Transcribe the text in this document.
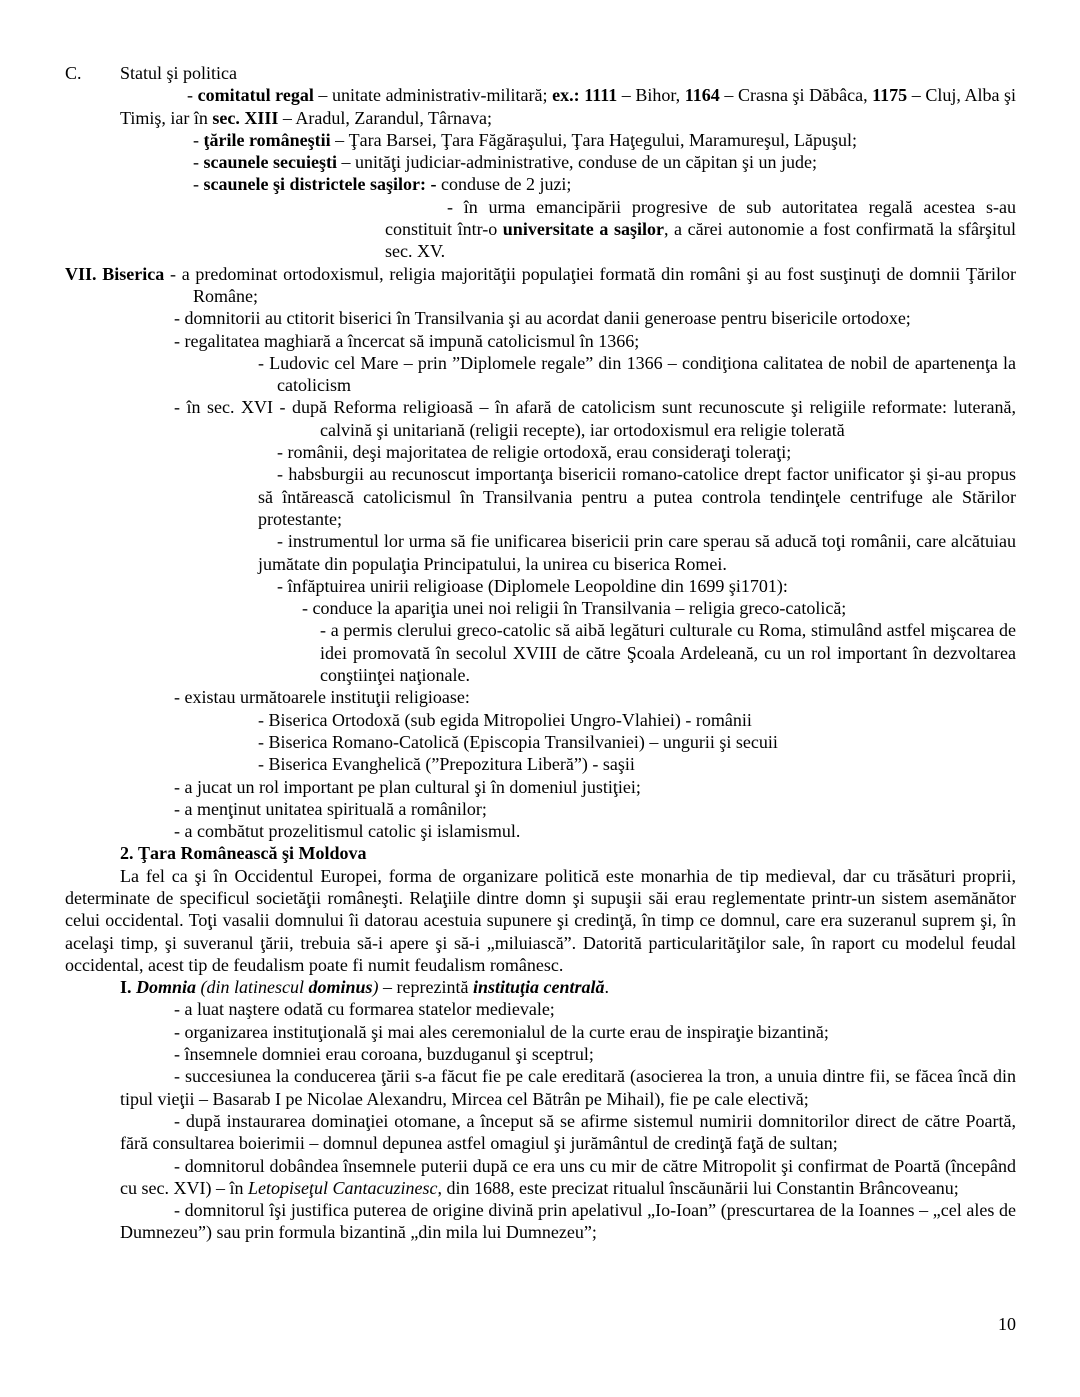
C. Statul şi politica

- comitatul regal – unitate administrativ-militară; ex.: 1111 – Bihor, 1164 – Crasna şi Dăbâca, 1175 – Cluj, Alba şi Timiş, iar în sec. XIII – Aradul, Zarandul, Târnava;

- ţările româneştii – Ţara Barsei, Ţara Făgăraşului, Ţara Haţegului, Maramureşul, Lăpuşul;

- scaunele secuieşti – unităţi judiciar-administrative, conduse de un căpitan şi un jude;

- scaunele şi districtele saşilor: - conduse de 2 juzi;

- în urma emancipării progresive de sub autoritatea regală acestea s-au constituit într-o universitate a saşilor, a cărei autonomie a fost confirmată la sfârşitul sec. XV.

VII. Biserica - a predominat ortodoxismul, religia majorităţii populaţiei formată din români şi au fost susţinuţi de domnii Ţărilor Române;

- domnitorii au ctitorit biserici în Transilvania şi au acordat danii generoase pentru bisericile ortodoxe;

- regalitatea maghiară a încercat să impună catolicismul în 1366;

- Ludovic cel Mare – prin ”Diplomele regale” din 1366 – condiţiona calitatea de nobil de apartenenţa la catolicism

- în sec. XVI - după Reforma religioasă – în afară de catolicism sunt recunoscute şi religiile reformate: luterană, calvină şi unitariană (religii recepte), iar ortodoxismul era religie tolerată

- românii, deşi majoritatea de religie ortodoxă, erau consideraţi toleraţi;

- habsburgii au recunoscut importanţa bisericii romano-catolice drept factor unificator şi şi-au propus să întărească catolicismul în Transilvania pentru a putea controla tendinţele centrifuge ale Stărilor protestante;

- instrumentul lor urma să fie unificarea bisericii prin care sperau să aducă toţi românii, care alcătuiau jumătate din populaţia Principatului, la unirea cu biserica Romei.

- înfăptuirea unirii religioase (Diplomele Leopoldine din 1699 şi1701):

- conduce la apariţia unei noi religii în Transilvania – religia greco-catolică;

- a permis clerului greco-catolic să aibă legături culturale cu Roma, stimulând astfel mişcarea de idei promovată în secolul XVIII de către Şcoala Ardeleană, cu un rol important în dezvoltarea conştiinţei naţionale.

- existau următoarele instituţii religioase:

- Biserica Ortodoxă (sub egida Mitropoliei Ungro-Vlahiei) - românii

- Biserica Romano-Catolică (Episcopia Transilvaniei) – ungurii şi secuii

- Biserica Evanghelică (”Prepozitura Liberă”) - saşii

- a jucat un rol important pe plan cultural şi în domeniul justiţiei;

- a menţinut unitatea spirituală a românilor;

- a combătut prozelitismul catolic şi islamismul.

2. Ţara Românească şi Moldova

La fel ca şi în Occidentul Europei, forma de organizare politică este monarhia de tip medieval, dar cu trăsături proprii, determinate de specificul societăţii româneşti. Relaţiile dintre domn şi supuşii săi erau reglementate printr-un sistem asemănător celui occidental. Toţi vasalii domnului îi datorau acestuia supunere şi credinţă, în timp ce domnul, care era suzeranul suprem şi, în acelaşi timp, şi suveranul ţării, trebuia să-i apere şi să-i „miluiască”. Datorită particularităţilor sale, în raport cu modelul feudal occidental, acest tip de feudalism poate fi numit feudalism românesc.

I. Domnia (din latinescul dominus) – reprezintă instituţia centrală.

- a luat naştere odată cu formarea statelor medievale;

- organizarea instituţională şi mai ales ceremonialul de la curte erau de inspiraţie bizantină;

- însemnele domniei erau coroana, buzduganul şi sceptrul;

- succesiunea la conducerea ţării s-a făcut fie pe cale ereditară (asocierea la tron, a unuia dintre fii, se făcea încă din tipul vieţii – Basarab I pe Nicolae Alexandru, Mircea cel Bătrân pe Mihail), fie pe cale electivă;

- după instaurarea dominaţiei otomane, a început să se afirme sistemul numirii domnitorilor direct de către Poartă, fără consultarea boierimii – domnul depunea astfel omagiul şi jurământul de credinţă faţă de sultan;

- domnitorul dobândea însemnele puterii după ce era uns cu mir de către Mitropolit şi confirmat de Poartă (începând cu sec. XVI) – în Letopiseţul Cantacuzinesc, din 1688, este precizat ritualul înscăunării lui Constantin Brâncoveanu;

- domnitorul îşi justifica puterea de origine divină prin apelativul „Io-Ioan” (prescurtarea de la Ioannes – „cel ales de Dumnezeu”) sau prin formula bizantină „din mila lui Dumnezeu”;

10
